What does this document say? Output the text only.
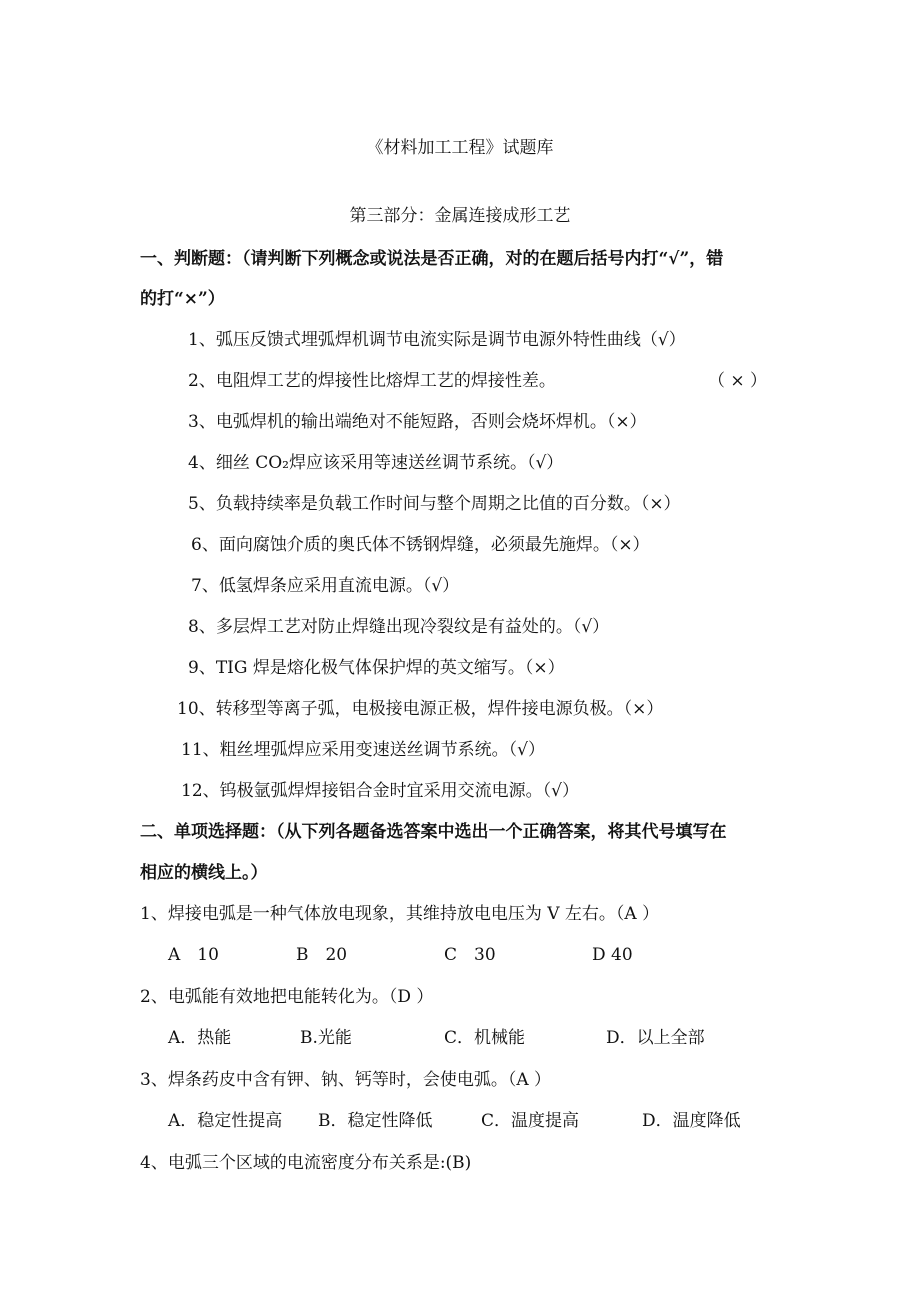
《材料加工工程》试题库
第三部分：金属连接成形工艺
一、判断题：（请判断下列概念或说法是否正确，对的在题后括号内打“√”，错
的打“×”）
1、弧压反馈式埋弧焊机调节电流实际是调节电源外特性曲线（√）
2、电阻焊工艺的焊接性比熔焊工艺的焊接性差。	（ × ）
3、电弧焊机的输出端绝对不能短路，否则会烧坏焊机。（×）
4、细丝 CO₂焊应该采用等速送丝调节系统。（√）
5、负载持续率是负载工作时间与整个周期之比值的百分数。（×）
6、面向腐蚀介质的奥氏体不锈钢焊缝，必须最先施焊。（×）
7、低氢焊条应采用直流电源。（√）
8、多层焊工艺对防止焊缝出现冷裂纹是有益处的。（√）
9、TIG 焊是熔化极气体保护焊的英文缩写。（×）
10、转移型等离子弧，电极接电源正极，焊件接电源负极。（×）
11、粗丝埋弧焊应采用变速送丝调节系统。（√）
12、钨极氩弧焊焊接铝合金时宜采用交流电源。（√）
二、单项选择题：（从下列各题备选答案中选出一个正确答案，将其代号填写在
相应的横线上。）
1、焊接电弧是一种气体放电现象，其维持放电电压为 V 左右。（A ）
A　10	B　20	C　30	D 40
2、电弧能有效地把电能转化为。（D ）
A．热能	B.光能	C．机械能	D．以上全部
3、焊条药皮中含有钾、钠、钙等时，会使电弧。（A ）
A．稳定性提高 B．稳定性降低	C．温度提高	D．温度降低
4、电弧三个区域的电流密度分布关系是:(B)
